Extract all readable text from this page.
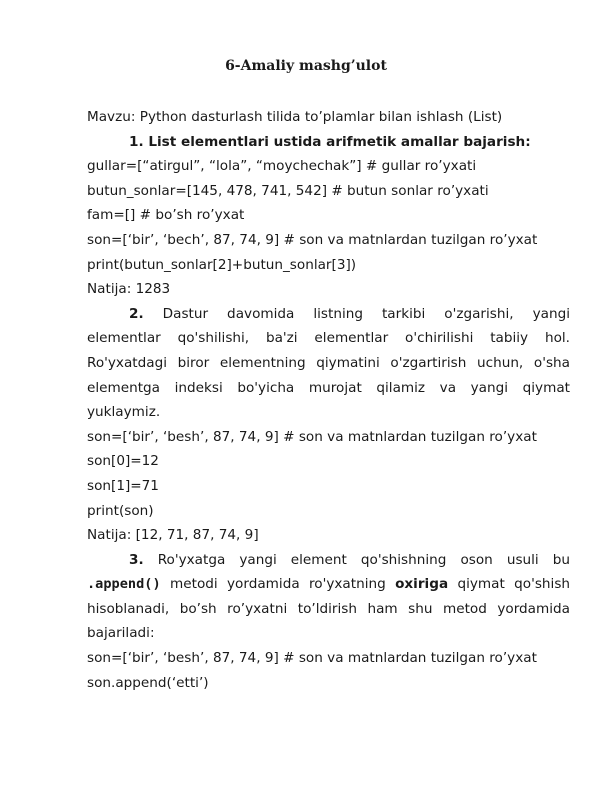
6-Amaliy mashg’ulot
Mavzu: Python dasturlash tilida to’plamlar bilan ishlash (List)
1. List elementlari ustida arifmetik amallar bajarish:
gullar=[“atirgul”, “lola”, “moychechak”] # gullar ro’yxati
butun_sonlar=[145, 478, 741, 542] # butun sonlar ro’yxati
fam=[] # bo’sh ro’yxat
son=[‘bir’, ‘bech’, 87, 74, 9] # son va matnlardan tuzilgan ro’yxat
print(butun_sonlar[2]+butun_sonlar[3])
Natija: 1283
2. Dastur davomida listning tarkibi o'zgarishi, yangi
elementlar qo'shilishi, ba'zi elementlar o'chirilishi tabiiy hol.
Ro'yxatdagi biror elementning qiymatini o'zgartirish uchun, o'sha
elementga indeksi bo'yicha murojat qilamiz va yangi qiymat
yuklaymiz.
son=[‘bir’, ‘besh’, 87, 74, 9] # son va matnlardan tuzilgan ro’yxat
son[0]=12
son[1]=71
print(son)
Natija: [12, 71, 87, 74, 9]
3. Ro'yxatga yangi element qo'shishning oson usuli bu
.append() metodi yordamida ro'yxatning oxiriga qiymat qo'shish
hisoblanadi, bo’sh ro’yxatni to’ldirish ham shu metod yordamida
bajariladi:
son=[‘bir’, ‘besh’, 87, 74, 9] # son va matnlardan tuzilgan ro’yxat
son.append(‘etti’)
